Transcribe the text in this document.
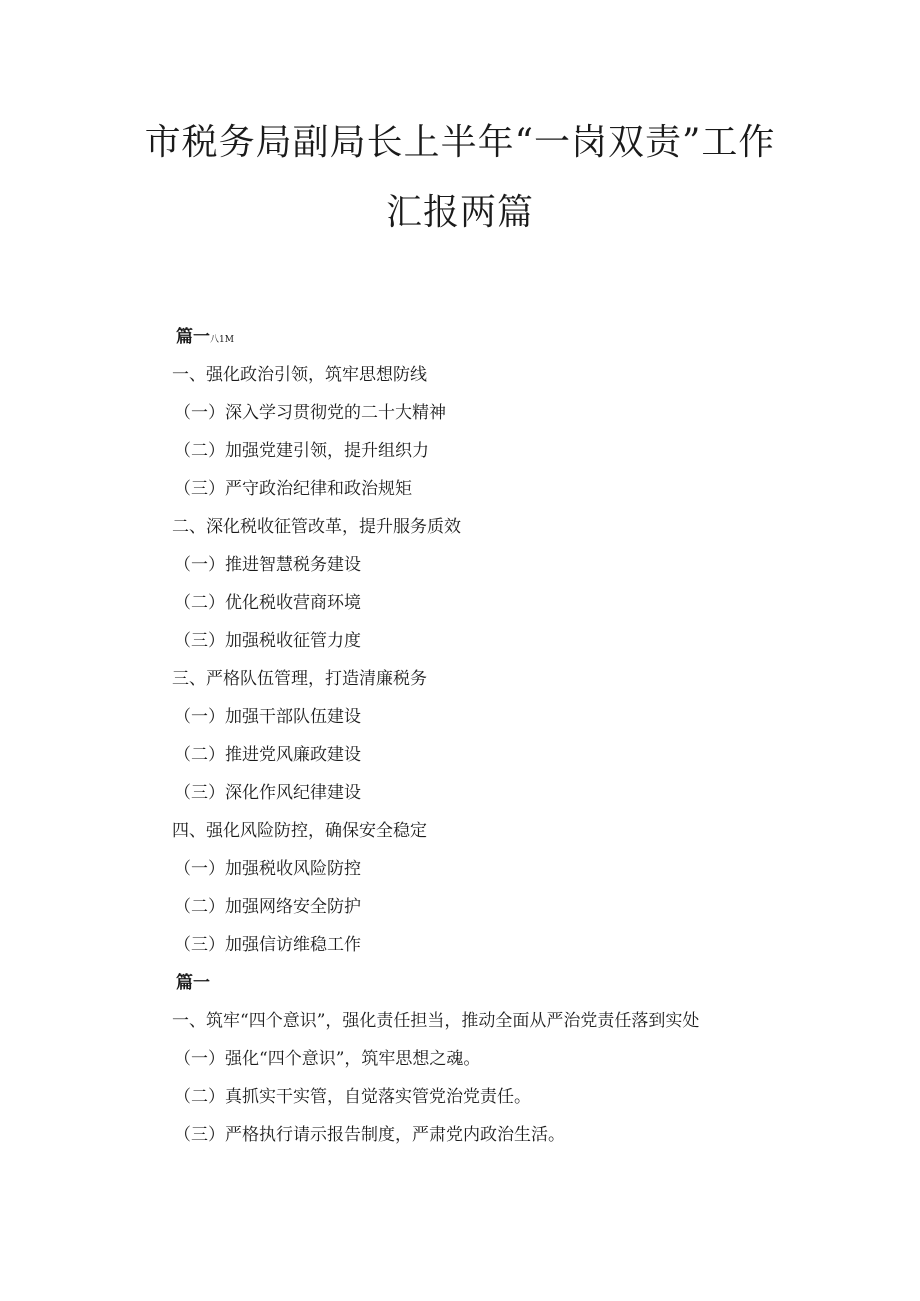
市税务局副局长上半年“一岗双责”工作
汇报两篇
篇一八1M
一、强化政治引领，筑牢思想防线
（一）深入学习贯彻党的二十大精神
（二）加强党建引领，提升组织力
（三）严守政治纪律和政治规矩
二、深化税收征管改革，提升服务质效
（一）推进智慧税务建设
（二）优化税收营商环境
（三）加强税收征管力度
三、严格队伍管理，打造清廉税务
（一）加强干部队伍建设
（二）推进党风廉政建设
（三）深化作风纪律建设
四、强化风险防控，确保安全稳定
（一）加强税收风险防控
（二）加强网络安全防护
（三）加强信访维稳工作
篇一
一、筑牢“四个意识”，强化责任担当，推动全面从严治党责任落到实处
（一）强化“四个意识”，筑牢思想之魂。
（二）真抓实干实管，自觉落实管党治党责任。
（三）严格执行请示报告制度，严肃党内政治生活。
